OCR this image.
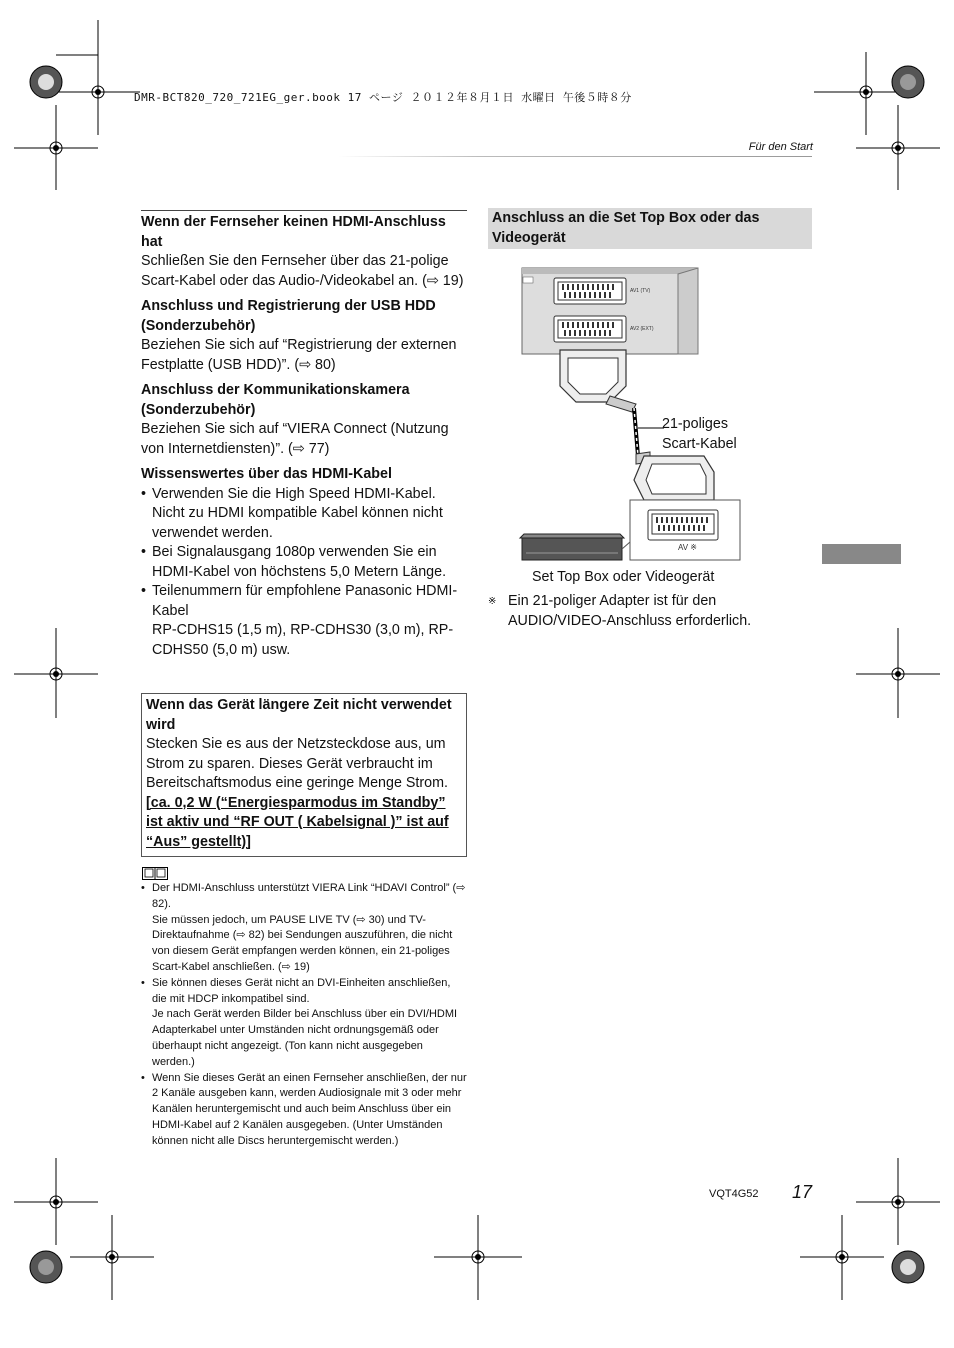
DMR-BCT820_720_721EG_ger.book 17 ページ ２０１２年８月１日 水曜日 午後５時８分
Für den Start

Wenn der Fernseher keinen HDMI-Anschluss hat

Schließen Sie den Fernseher über das 21-polige Scart-Kabel oder das Audio-/Videokabel an. (⇨ 19)

Anschluss und Registrierung der USB HDD (Sonderzubehör)

Beziehen Sie sich auf “Registrierung der externen Festplatte (USB HDD)”. (⇨ 80)

Anschluss der Kommunikationskamera (Sonderzubehör)

Beziehen Sie sich auf “VIERA Connect (Nutzung von Internetdiensten)”. (⇨ 77)

Wissenswertes über das HDMI-Kabel

• Verwenden Sie die High Speed HDMI-Kabel. Nicht zu HDMI kompatible Kabel können nicht verwendet werden.
• Bei Signalausgang 1080p verwenden Sie ein HDMI-Kabel von höchstens 5,0 Metern Länge.
• Teilenummern für empfohlene Panasonic HDMI-Kabel
RP-CDHS15 (1,5 m), RP-CDHS30 (3,0 m), RP-CDHS50 (5,0 m) usw.

Wenn das Gerät längere Zeit nicht verwendet wird

Stecken Sie es aus der Netzsteckdose aus, um Strom zu sparen. Dieses Gerät verbraucht im Bereitschaftsmodus eine geringe Menge Strom.

[ca. 0,2 W (“Energiesparmodus im Standby” ist aktiv und “RF OUT ( Kabelsignal )” ist auf “Aus” gestellt)]

• Der HDMI-Anschluss unterstützt VIERA Link “HDAVI Control” (⇨ 82).
Sie müssen jedoch, um PAUSE LIVE TV (⇨ 30) und TV-Direktaufnahme (⇨ 82) bei Sendungen auszuführen, die nicht von diesem Gerät empfangen werden können, ein 21-poliges Scart-Kabel anschließen. (⇨ 19)
• Sie können dieses Gerät nicht an DVI-Einheiten anschließen, die mit HDCP inkompatibel sind.
Je nach Gerät werden Bilder bei Anschluss über ein DVI/HDMI Adapterkabel unter Umständen nicht ordnungsgemäß oder überhaupt nicht angezeigt. (Ton kann nicht ausgegeben werden.)
• Wenn Sie dieses Gerät an einen Fernseher anschließen, der nur 2 Kanäle ausgeben kann, werden Audiosignale mit 3 oder mehr Kanälen heruntergemischt und auch beim Anschluss über ein HDMI-Kabel auf 2 Kanälen ausgegeben. (Unter Umständen können nicht alle Discs heruntergemischt werden.)
Anschluss an die Set Top Box oder das Videogerät
AV1 (TV)
AV2 (EXT)
AV ※
21-poliges
Scart-Kabel
Set Top Box oder Videogerät
※ Ein 21-poliger Adapter ist für den AUDIO/VIDEO-Anschluss erforderlich.
VQT4G52 17
